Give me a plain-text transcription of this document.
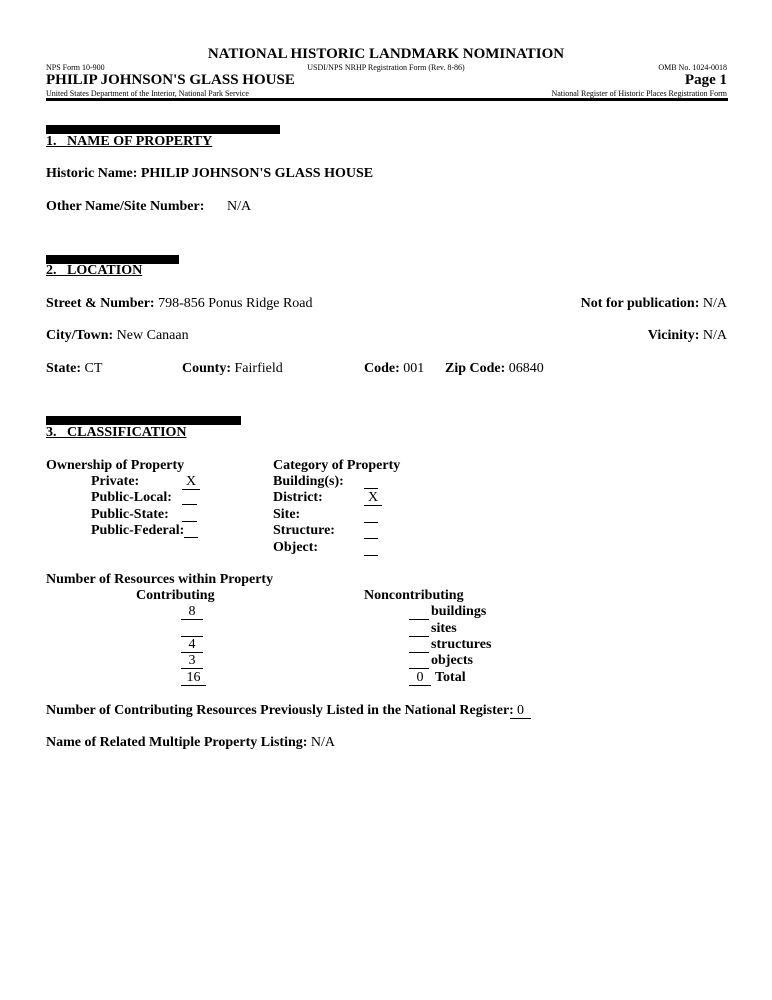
NATIONAL HISTORIC LANDMARK NOMINATION
NPS Form 10-900	USDI/NPS NRHP Registration Form (Rev. 8-86)	OMB No. 1024-0018
PHILIP JOHNSON'S GLASS HOUSE	Page 1
United States Department of the Interior, National Park Service	National Register of Historic Places Registration Form
1.   NAME OF PROPERTY
Historic Name: PHILIP JOHNSON'S GLASS HOUSE
Other Name/Site Number: N/A
2.   LOCATION
Street & Number: 798-856 Ponus Ridge Road	Not for publication: N/A
City/Town: New Canaan	Vicinity: N/A
State: CT	County: Fairfield	Code: 001 Zip Code: 06840
3.   CLASSIFICATION
Ownership of Property
Private:	X
Public-Local:
Public-State:
Public-Federal:
Category of Property
Building(s):
District:	X
Site:
Structure:
Object:
Number of Resources within Property
Contributing	Noncontributing
8	buildings
sites
4	structures
3	objects
16	0 Total
Number of Contributing Resources Previously Listed in the National Register: 0
Name of Related Multiple Property Listing: N/A
